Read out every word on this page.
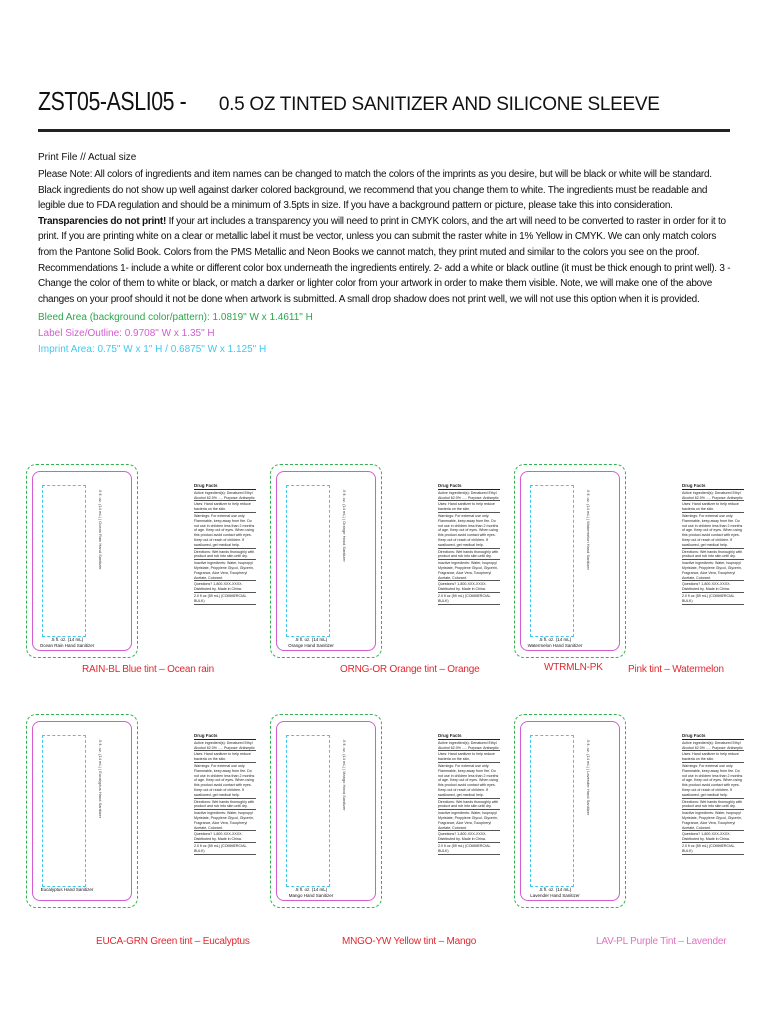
ZST05-ASLI05 -0.5 OZ TINTED SANITIZER AND SILICONE SLEEVE
Print File // Actual size
Please Note: All colors of ingredients and item names can be changed to match the colors of the imprints as you desire, but will be black or white will be standard. Black ingredients do not show up well against darker colored background, we recommend that you change them to white. The ingredients must be readable and legible due to FDA regulation and should be a minimum of 3.5pts in size. If you have a background pattern or picture, please take this into consideration. Transparencies do not print! If your art includes a transparency you will need to print in CMYK colors, and the art will need to be converted to raster in order for it to print. If you are printing white on a clear or metallic label it must be vector, unless you can submit the raster white in 1% Yellow in CMYK. We can only match colors from the Pantone Solid Book. Colors from the PMS Metallic and Neon Books we cannot match, they print muted and similar to the colors you see on the proof. Recommendations 1- include a white or different color box underneath the ingredients entirely. 2- add a white or black outline (it must be thick enough to print well). 3 - Change the color of them to white or black, or match a darker or lighter color from your artwork in order to make them visible. Note, we will make one of the above changes on your proof should it not be done when artwork is submitted. A small drop shadow does not print well, we will not use this option when it is provided.
Bleed Area (background color/pattern): 1.0819" W x 1.4611" H
Label Size/Outline: 0.9708" W x 1.35" H
Imprint Area: 0.75" W x 1" H / 0.6875" W x 1.125" H
.5 fl. oz. (14 mL) | Ocean Rain Hand Sanitizer
.5 fl. oz. (14 mL)
Ocean Rain Hand Sanitizer
Drug Facts

Active ingredient(s): Denatured Ethyl Alcohol 62.0% ..... Purpose: Antiseptic

Uses: Hand sanitizer to help reduce bacteria on the skin.

Warnings: For external use only. Flammable, keep away from fire. Do not use in children less than 2 months of age. Keep out of eyes. When using this product avoid contact with eyes. Keep out of reach of children. If swallowed, get medical help.

Directions: Wet hands thoroughly with product and rub into skin until dry.

Inactive ingredients: Water, Isopropyl Myristate, Propylene Glycol, Glycerin, Fragrance, Aloe Vera, Tocopheryl Acetate, Colorant.

Questions? 1-800-XXX-XXXX. Distributed by. Made in China.

2.0 fl oz (59 mL) (COMMERCIAL BULK)

.5 fl. oz. (14 mL) | Orange Hand Sanitizer
.5 fl. oz. (14 mL)
Orange Hand Sanitizer
Drug Facts

Active ingredient(s): Denatured Ethyl Alcohol 62.0% ..... Purpose: Antiseptic

Uses: Hand sanitizer to help reduce bacteria on the skin.

Warnings: For external use only. Flammable, keep away from fire. Do not use in children less than 2 months of age. Keep out of eyes. When using this product avoid contact with eyes. Keep out of reach of children. If swallowed, get medical help.

Directions: Wet hands thoroughly with product and rub into skin until dry.

Inactive ingredients: Water, Isopropyl Myristate, Propylene Glycol, Glycerin, Fragrance, Aloe Vera, Tocopheryl Acetate, Colorant.

Questions? 1-800-XXX-XXXX. Distributed by. Made in China.

2.0 fl oz (59 mL) (COMMERCIAL BULK)

.5 fl. oz. (14 mL) | Watermelon Hand Sanitizer
.5 fl. oz. (14 mL)
Watermelon Hand Sanitizer
Drug Facts

Active ingredient(s): Denatured Ethyl Alcohol 62.0% ..... Purpose: Antiseptic

Uses: Hand sanitizer to help reduce bacteria on the skin.

Warnings: For external use only. Flammable, keep away from fire. Do not use in children less than 2 months of age. Keep out of eyes. When using this product avoid contact with eyes. Keep out of reach of children. If swallowed, get medical help.

Directions: Wet hands thoroughly with product and rub into skin until dry.

Inactive ingredients: Water, Isopropyl Myristate, Propylene Glycol, Glycerin, Fragrance, Aloe Vera, Tocopheryl Acetate, Colorant.

Questions? 1-800-XXX-XXXX. Distributed by. Made in China.

2.0 fl oz (59 mL) (COMMERCIAL BULK)

RAIN-BL Blue tint – Ocean rain	ORNG-OR Orange tint – Orange	WTRMLN-PK	Pink tint – Watermelon
.5 fl. oz. (14 mL) | Eucalyptus Hand Sanitizer
Eucalyptus Hand Sanitizer
Drug Facts

Active ingredient(s): Denatured Ethyl Alcohol 62.0% ..... Purpose: Antiseptic

Uses: Hand sanitizer to help reduce bacteria on the skin.

Warnings: For external use only. Flammable, keep away from fire. Do not use in children less than 2 months of age. Keep out of eyes. When using this product avoid contact with eyes. Keep out of reach of children. If swallowed, get medical help.

Directions: Wet hands thoroughly with product and rub into skin until dry.

Inactive ingredients: Water, Isopropyl Myristate, Propylene Glycol, Glycerin, Fragrance, Aloe Vera, Tocopheryl Acetate, Colorant.

Questions? 1-800-XXX-XXXX. Distributed by. Made in China.

2.0 fl oz (59 mL) (COMMERCIAL BULK)

.5 fl. oz. (14 mL) | Mango Hand Sanitizer
.5 fl. oz. (14 mL)
Mango Hand Sanitizer
Drug Facts

Active ingredient(s): Denatured Ethyl Alcohol 62.0% ..... Purpose: Antiseptic

Uses: Hand sanitizer to help reduce bacteria on the skin.

Warnings: For external use only. Flammable, keep away from fire. Do not use in children less than 2 months of age. Keep out of eyes. When using this product avoid contact with eyes. Keep out of reach of children. If swallowed, get medical help.

Directions: Wet hands thoroughly with product and rub into skin until dry.

Inactive ingredients: Water, Isopropyl Myristate, Propylene Glycol, Glycerin, Fragrance, Aloe Vera, Tocopheryl Acetate, Colorant.

Questions? 1-800-XXX-XXXX. Distributed by. Made in China.

2.0 fl oz (59 mL) (COMMERCIAL BULK)

.5 fl. oz. (14 mL) | Lavender Hand Sanitizer
.5 fl. oz. (14 mL)
Lavender Hand Sanitizer
Drug Facts

Active ingredient(s): Denatured Ethyl Alcohol 62.0% ..... Purpose: Antiseptic

Uses: Hand sanitizer to help reduce bacteria on the skin.

Warnings: For external use only. Flammable, keep away from fire. Do not use in children less than 2 months of age. Keep out of eyes. When using this product avoid contact with eyes. Keep out of reach of children. If swallowed, get medical help.

Directions: Wet hands thoroughly with product and rub into skin until dry.

Inactive ingredients: Water, Isopropyl Myristate, Propylene Glycol, Glycerin, Fragrance, Aloe Vera, Tocopheryl Acetate, Colorant.

Questions? 1-800-XXX-XXXX. Distributed by. Made in China.

2.0 fl oz (59 mL) (COMMERCIAL BULK)

EUCA-GRN Green tint – Eucalyptus	MNGO-YW Yellow tint – Mango	LAV-PL Purple Tint – Lavender
